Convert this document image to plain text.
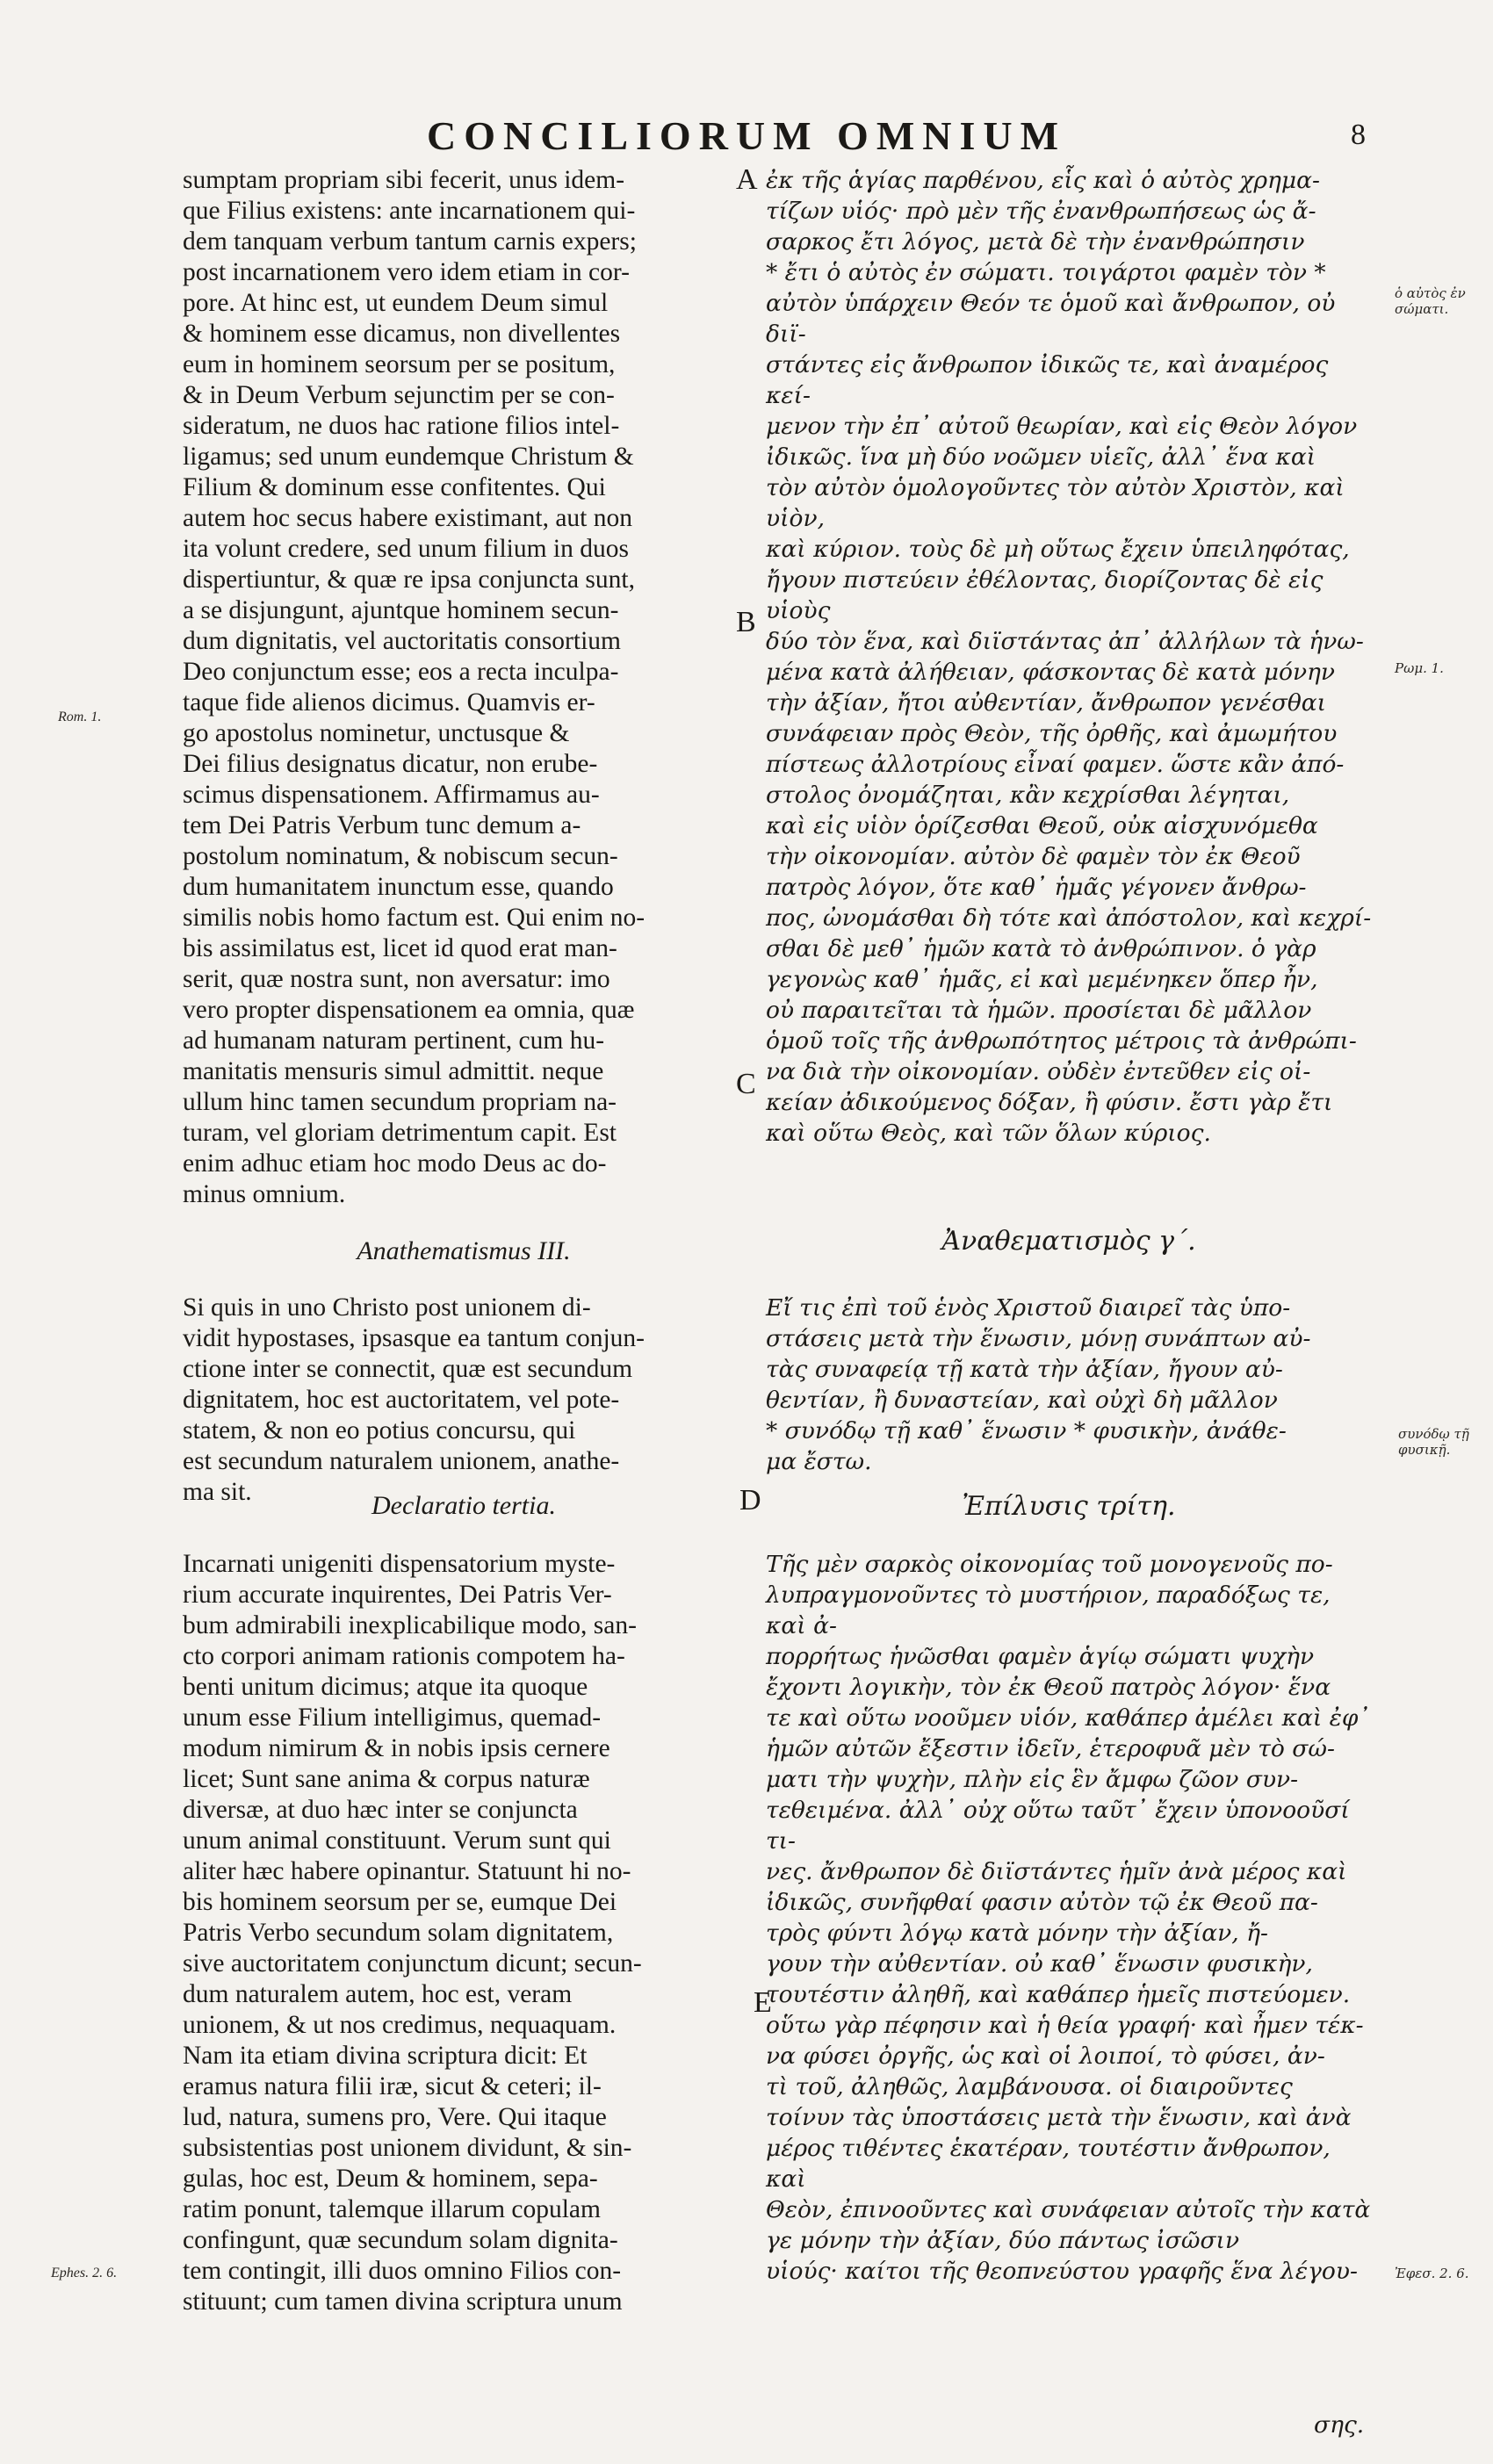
CONCILIORUM OMNIUM	8
A
B
C
D
E
Rom. 1.
Ephes. 2. 6.
ὁ αὐτὸς ἐν σώματι.
Ρωμ. 1.
συνόδῳ τῇ φυσικῇ.
Ἐφεσ. 2. 6.

sumptam propriam sibi fecerit, unus idem-

que Filius existens: ante incarnationem qui-

dem tanquam verbum tantum carnis expers;

post incarnationem vero idem etiam in cor-

pore. At hinc est, ut eundem Deum simul

& hominem esse dicamus, non divellentes

eum in hominem seorsum per se positum,

& in Deum Verbum sejunctim per se con-

sideratum, ne duos hac ratione filios intel-

ligamus; sed unum eundemque Christum &

Filium & dominum esse confitentes. Qui

autem hoc secus habere existimant, aut non

ita volunt credere, sed unum filium in duos

dispertiuntur, & quæ re ipsa conjuncta sunt,

a se disjungunt, ajuntque hominem secun-

dum dignitatis, vel auctoritatis consortium

Deo conjunctum esse; eos a recta inculpa-

taque fide alienos dicimus. Quamvis er-

go apostolus nominetur, unctusque &

Dei filius designatus dicatur, non erube-

scimus dispensationem. Affirmamus au-

tem Dei Patris Verbum tunc demum a-

postolum nominatum, & nobiscum secun-

dum humanitatem inunctum esse, quando

similis nobis homo factum est. Qui enim no-

bis assimilatus est, licet id quod erat man-

serit, quæ nostra sunt, non aversatur: imo

vero propter dispensationem ea omnia, quæ

ad humanam naturam pertinent, cum hu-

manitatis mensuris simul admittit. neque

ullum hinc tamen secundum propriam na-

turam, vel gloriam detrimentum capit. Est

enim adhuc etiam hoc modo Deus ac do-

minus omnium.

Anathematismus III.

Si quis in uno Christo post unionem di-

vidit hypostases, ipsasque ea tantum conjun-

ctione inter se connectit, quæ est secundum

dignitatem, hoc est auctoritatem, vel pote-

statem, & non eo potius concursu, qui

est secundum naturalem unionem, anathe-

ma sit.	Declaratio tertia.

Incarnati unigeniti dispensatorium myste-

rium accurate inquirentes, Dei Patris Ver-

bum admirabili inexplicabilique modo, san-

cto corpori animam rationis compotem ha-

benti unitum dicimus; atque ita quoque

unum esse Filium intelligimus, quemad-

modum nimirum & in nobis ipsis cernere

licet; Sunt sane anima & corpus naturæ

diversæ, at duo hæc inter se conjuncta

unum animal constituunt. Verum sunt qui

aliter hæc habere opinantur. Statuunt hi no-

bis hominem seorsum per se, eumque Dei

Patris Verbo secundum solam dignitatem,

sive auctoritatem conjunctum dicunt; secun-

dum naturalem autem, hoc est, veram

unionem, & ut nos credimus, nequaquam.

Nam ita etiam divina scriptura dicit: Et

eramus natura filii iræ, sicut & ceteri; il-

lud, natura, sumens pro, Vere. Qui itaque

subsistentias post unionem dividunt, & sin-

gulas, hoc est, Deum & hominem, sepa-

ratim ponunt, talemque illarum copulam

confingunt, quæ secundum solam dignita-

tem contingit, illi duos omnino Filios con-

stituunt; cum tamen divina scriptura unum

ἐκ τῆς ἁγίας παρθένου, εἷς καὶ ὁ αὐτὸς χρημα-

τίζων υἱός· πρὸ μὲν τῆς ἐνανθρωπήσεως ὡς ἄ-

σαρκος ἔτι λόγος, μετὰ δὲ τὴν ἐνανθρώπησιν

* ἔτι ὁ αὐτὸς ἐν σώματι. τοιγάρτοι φαμὲν τὸν *

αὐτὸν ὑπάρχειν Θεόν τε ὁμοῦ καὶ ἄνθρωπον, οὐ διϊ-

στάντες εἰς ἄνθρωπον ἰδικῶς τε, καὶ ἀναμέρος κεί-

μενον τὴν ἐπ᾽ αὐτοῦ θεωρίαν, καὶ εἰς Θεὸν λόγον

ἰδικῶς. ἵνα μὴ δύο νοῶμεν υἱεῖς, ἀλλ᾽ ἕνα καὶ

τὸν αὐτὸν ὁμολογοῦντες τὸν αὐτὸν Χριστὸν, καὶ υἱὸν,

καὶ κύριον. τοὺς δὲ μὴ οὕτως ἔχειν ὑπειληφότας,

ἤγουν πιστεύειν ἐθέλοντας, διορίζοντας δὲ εἰς υἱοὺς

δύο τὸν ἕνα, καὶ διϊστάντας ἀπ᾽ ἀλλήλων τὰ ἡνω-

μένα κατὰ ἀλήθειαν, φάσκοντας δὲ κατὰ μόνην

τὴν ἀξίαν, ἤτοι αὐθεντίαν, ἄνθρωπον γενέσθαι

συνάφειαν πρὸς Θεὸν, τῆς ὀρθῆς, καὶ ἀμωμήτου

πίστεως ἀλλοτρίους εἶναί φαμεν. ὥστε κἂν ἀπό-

στολος ὀνομάζηται, κἂν κεχρίσθαι λέγηται,

καὶ εἰς υἱὸν ὁρίζεσθαι Θεοῦ, οὐκ αἰσχυνόμεθα

τὴν οἰκονομίαν. αὐτὸν δὲ φαμὲν τὸν ἐκ Θεοῦ

πατρὸς λόγον, ὅτε καθ᾽ ἡμᾶς γέγονεν ἄνθρω-

πος, ὠνομάσθαι δὴ τότε καὶ ἀπόστολον, καὶ κεχρί-

σθαι δὲ μεθ᾽ ἡμῶν κατὰ τὸ ἀνθρώπινον. ὁ γὰρ

γεγονὼς καθ᾽ ἡμᾶς, εἰ καὶ μεμένηκεν ὅπερ ἦν,

οὐ παραιτεῖται τὰ ἡμῶν. προσίεται δὲ μᾶλλον

ὁμοῦ τοῖς τῆς ἀνθρωπότητος μέτροις τὰ ἀνθρώπι-

να διὰ τὴν οἰκονομίαν. οὐδὲν ἐντεῦθεν εἰς οἰ-

κείαν ἀδικούμενος δόξαν, ἢ φύσιν. ἔστι γὰρ ἔτι

καὶ οὕτω Θεὸς, καὶ τῶν ὅλων κύριος.

Ἀναθεματισμὸς γ΄.

Εἴ τις ἐπὶ τοῦ ἑνὸς Χριστοῦ διαιρεῖ τὰς ὑπο-

στάσεις μετὰ τὴν ἕνωσιν, μόνῃ συνάπτων αὐ-

τὰς συναφείᾳ τῇ κατὰ τὴν ἀξίαν, ἤγουν αὐ-

θεντίαν, ἢ δυναστείαν, καὶ οὐχὶ δὴ μᾶλλον

* συνόδῳ τῇ καθ᾽ ἕνωσιν * φυσικὴν, ἀνάθε-

μα ἔστω.

Ἐπίλυσις τρίτη.

Τῆς μὲν σαρκὸς οἰκονομίας τοῦ μονογενοῦς πο-

λυπραγμονοῦντες τὸ μυστήριον, παραδόξως τε, καὶ ἀ-

πορρήτως ἡνῶσθαι φαμὲν ἁγίῳ σώματι ψυχὴν

ἔχοντι λογικὴν, τὸν ἐκ Θεοῦ πατρὸς λόγον· ἕνα

τε καὶ οὕτω νοοῦμεν υἱόν, καθάπερ ἀμέλει καὶ ἐφ᾽

ἡμῶν αὐτῶν ἔξεστιν ἰδεῖν, ἑτεροφυᾶ μὲν τὸ σώ-

ματι τὴν ψυχὴν, πλὴν εἰς ἓν ἄμφω ζῶον συν-

τεθειμένα. ἀλλ᾽ οὐχ οὕτω ταῦτ᾽ ἔχειν ὑπονοοῦσί τι-

νες. ἄνθρωπον δὲ διϊστάντες ἡμῖν ἀνὰ μέρος καὶ

ἰδικῶς, συνῆφθαί φασιν αὐτὸν τῷ ἐκ Θεοῦ πα-

τρὸς φύντι λόγῳ κατὰ μόνην τὴν ἀξίαν, ἤ-

γουν τὴν αὐθεντίαν. οὐ καθ᾽ ἕνωσιν φυσικὴν,

τουτέστιν ἀληθῆ, καὶ καθάπερ ἡμεῖς πιστεύομεν.

οὕτω γὰρ πέφησιν καὶ ἡ θεία γραφή· καὶ ἦμεν τέκ-

να φύσει ὀργῆς, ὡς καὶ οἱ λοιποί, τὸ φύσει, ἀν-

τὶ τοῦ, ἀληθῶς, λαμβάνουσα. οἱ διαιροῦντες

τοίνυν τὰς ὑποστάσεις μετὰ τὴν ἕνωσιν, καὶ ἀνὰ

μέρος τιθέντες ἑκατέραν, τουτέστιν ἄνθρωπον, καὶ

Θεὸν, ἐπινοοῦντες καὶ συνάφειαν αὐτοῖς τὴν κατὰ

γε μόνην τὴν ἀξίαν, δύο πάντως ἰσῶσιν

υἱούς· καίτοι τῆς θεοπνεύστου γραφῆς ἕνα λέγου-

σης.
